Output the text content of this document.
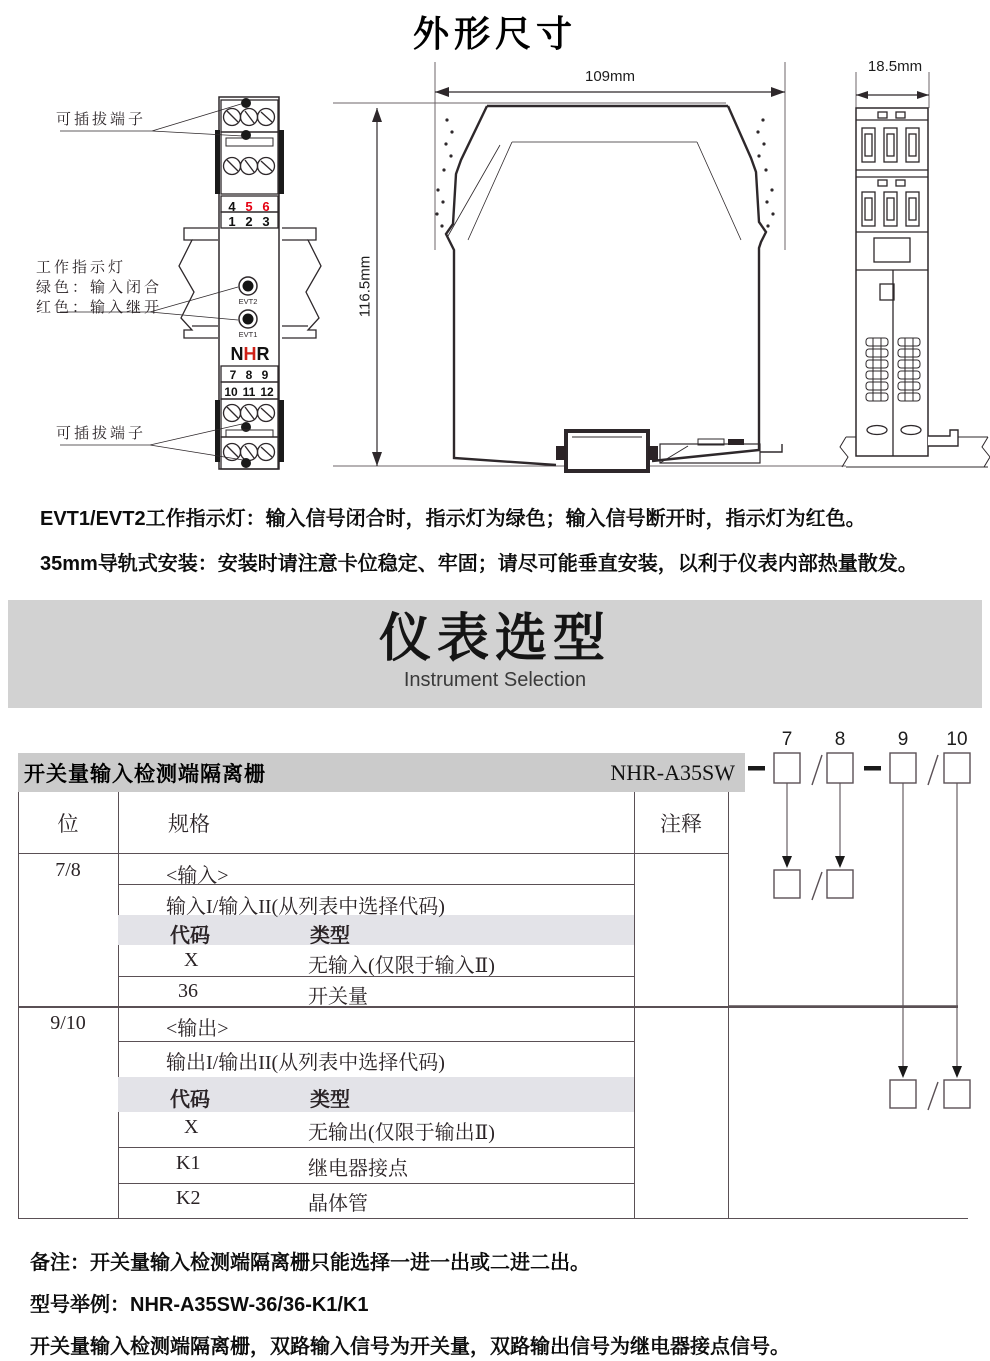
外形尺寸
4 5 6
1 2 3
EVT2
EVT1
N H R
7 8 9
10 11 12
109mm
116.5mm
18.5mm
可插拔端子
工作指示灯
绿色：输入闭合
红色：输入继开
可插拔端子
EVT1/EVT2工作指示灯：输入信号闭合时，指示灯为绿色；输入信号断开时，指示灯为红色。
35mm导轨式安装：安装时请注意卡位稳定、牢固；请尽可能垂直安装，以利于仪表内部热量散发。
仪表选型
Instrument Selection
开关量输入检测端隔离栅	NHR-A35SW
位	规格	注释
7/8	<输入>
输入I/输入II(从列表中选择代码)
代码	类型
X	无输入(仅限于输入Ⅱ)
36	开关量
9/10	<输出>
输出I/输出II(从列表中选择代码)
代码	类型
X	无输出(仅限于输出Ⅱ)
K1	继电器接点
K2	晶体管
7 8	9 10
备注：开关量输入检测端隔离栅只能选择一进一出或二进二出。
型号举例：NHR-A35SW-36/36-K1/K1
开关量输入检测端隔离栅，双路输入信号为开关量，双路输出信号为继电器接点信号。
